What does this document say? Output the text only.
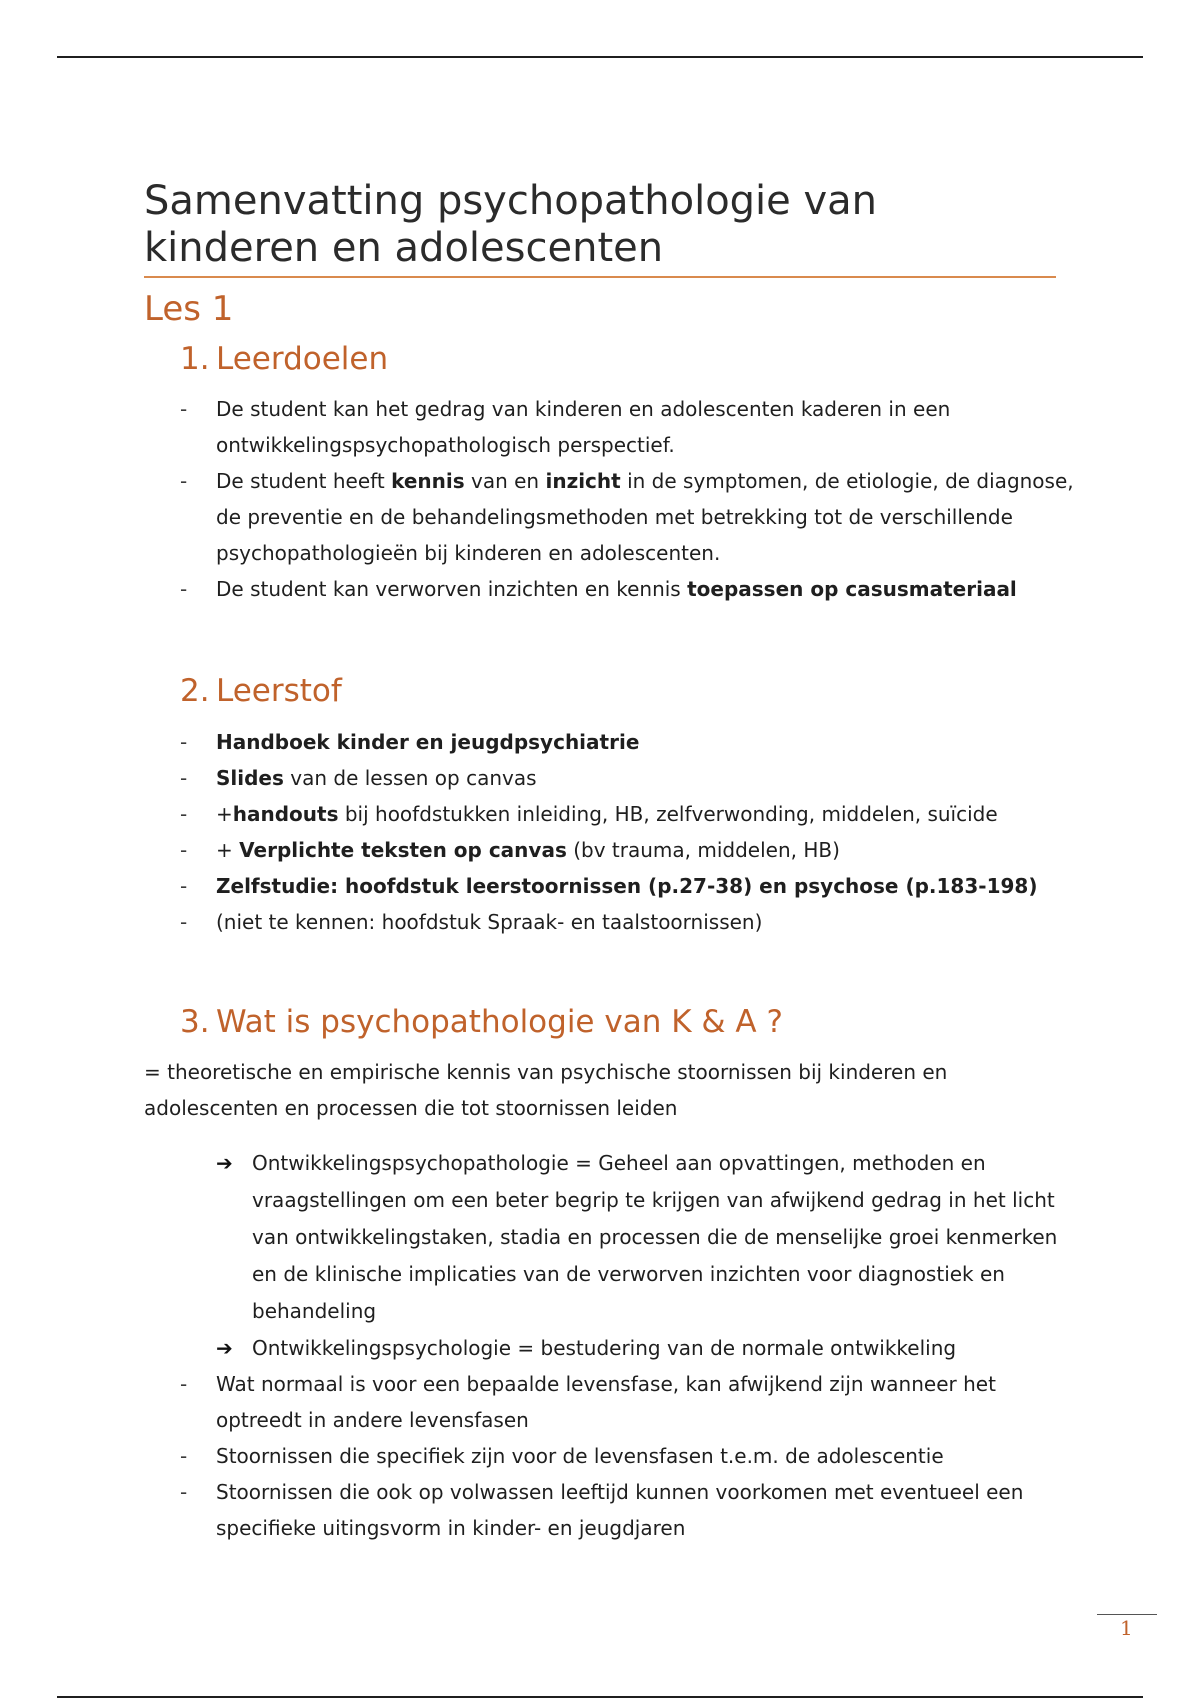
Samenvatting psychopathologie van kinderen en adolescenten
Les 1
1. Leerdoelen
-	De student kan het gedrag van kinderen en adolescenten kaderen in een ontwikkelingspsychopathologisch perspectief.
-	De student heeft kennis van en inzicht in de symptomen, de etiologie, de diagnose, de preventie en de behandelingsmethoden met betrekking tot de verschillende psychopathologieën bij kinderen en adolescenten.
-	De student kan verworven inzichten en kennis toepassen op casusmateriaal
2. Leerstof
-	Handboek kinder en jeugdpsychiatrie
-	Slides van de lessen op canvas
-	+handouts bij hoofdstukken inleiding, HB, zelfverwonding, middelen, suïcide
-	+ Verplichte teksten op canvas (bv trauma, middelen, HB)
-	Zelfstudie: hoofdstuk leerstoornissen (p.27-38) en psychose (p.183-198)
-	(niet te kennen: hoofdstuk Spraak- en taalstoornissen)
3. Wat is psychopathologie van K & A ?

= theoretische en empirische kennis van psychische stoornissen bij kinderen en adolescenten en processen die tot stoornissen leiden

➔ Ontwikkelingspsychopathologie = Geheel aan opvattingen, methoden en vraagstellingen om een beter begrip te krijgen van afwijkend gedrag in het licht van ontwikkelingstaken, stadia en processen die de menselijke groei kenmerken en de klinische implicaties van de verworven inzichten voor diagnostiek en behandeling
➔ Ontwikkelingspsychologie = bestudering van de normale ontwikkeling
-	Wat normaal is voor een bepaalde levensfase, kan afwijkend zijn wanneer het optreedt in andere levensfasen
-	Stoornissen die specifiek zijn voor de levensfasen t.e.m. de adolescentie
-	Stoornissen die ook op volwassen leeftijd kunnen voorkomen met eventueel een specifieke uitingsvorm in kinder- en jeugdjaren
1
